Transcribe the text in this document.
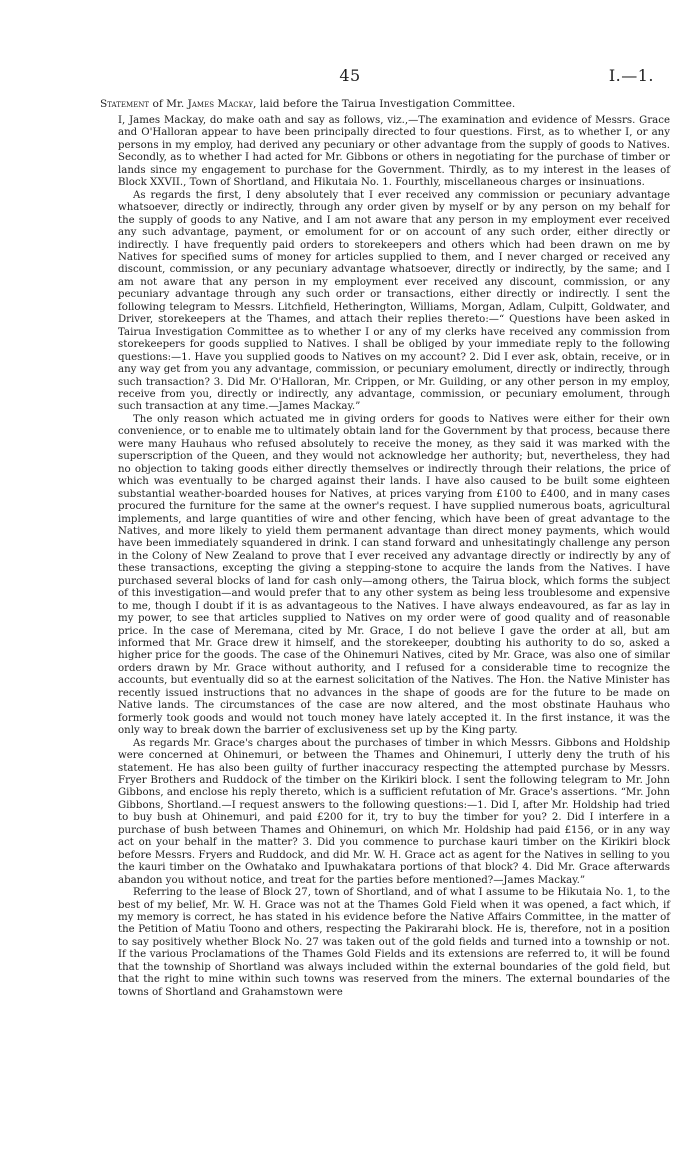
45	I.—1.
Statement of Mr. James Mackay, laid before the Tairua Investigation Committee.

I, James Mackay, do make oath and say as follows, viz.,—The examination and evidence of Messrs. Grace and O'Halloran appear to have been principally directed to four questions. First, as to whether I, or any persons in my employ, had derived any pecuniary or other advantage from the supply of goods to Natives. Secondly, as to whether I had acted for Mr. Gibbons or others in negotiating for the purchase of timber or lands since my engagement to purchase for the Government. Thirdly, as to my interest in the leases of Block XXVII., Town of Shortland, and Hikutaia No. 1. Fourthly, miscellaneous charges or insinuations.

As regards the first, I deny absolutely that I ever received any commission or pecuniary advantage whatsoever, directly or indirectly, through any order given by myself or by any person on my behalf for the supply of goods to any Native, and I am not aware that any person in my employment ever received any such advantage, payment, or emolument for or on account of any such order, either directly or indirectly. I have frequently paid orders to storekeepers and others which had been drawn on me by Natives for specified sums of money for articles supplied to them, and I never charged or received any discount, commission, or any pecuniary advantage whatsoever, directly or indirectly, by the same; and I am not aware that any person in my employment ever received any discount, commission, or any pecuniary advantage through any such order or transactions, either directly or indirectly. I sent the following telegram to Messrs. Litchfield, Hetherington, Williams, Morgan, Adlam, Culpitt, Goldwater, and Driver, storekeepers at the Thames, and attach their replies thereto:—“ Questions have been asked in Tairua Investigation Committee as to whether I or any of my clerks have received any commission from storekeepers for goods supplied to Natives. I shall be obliged by your immediate reply to the following questions:—1. Have you supplied goods to Natives on my account? 2. Did I ever ask, obtain, receive, or in any way get from you any advantage, commission, or pecuniary emolument, directly or indirectly, through such transaction? 3. Did Mr. O'Halloran, Mr. Crippen, or Mr. Guilding, or any other person in my employ, receive from you, directly or indirectly, any advantage, commission, or pecuniary emolument, through such transaction at any time.—James Mackay.”

The only reason which actuated me in giving orders for goods to Natives were either for their own convenience, or to enable me to ultimately obtain land for the Government by that process, because there were many Hauhaus who refused absolutely to receive the money, as they said it was marked with the superscription of the Queen, and they would not acknowledge her authority; but, nevertheless, they had no objection to taking goods either directly themselves or indirectly through their relations, the price of which was eventually to be charged against their lands. I have also caused to be built some eighteen substantial weather-boarded houses for Natives, at prices varying from £100 to £400, and in many cases procured the furniture for the same at the owner's request. I have supplied numerous boats, agricultural implements, and large quantities of wire and other fencing, which have been of great advantage to the Natives, and more likely to yield them permanent advantage than direct money payments, which would have been immediately squandered in drink. I can stand forward and unhesitatingly challenge any person in the Colony of New Zealand to prove that I ever received any advantage directly or indirectly by any of these transactions, excepting the giving a stepping-stone to acquire the lands from the Natives. I have purchased several blocks of land for cash only—among others, the Tairua block, which forms the subject of this investigation—and would prefer that to any other system as being less troublesome and expensive to me, though I doubt if it is as advantageous to the Natives. I have always endeavoured, as far as lay in my power, to see that articles supplied to Natives on my order were of good quality and of reasonable price. In the case of Meremana, cited by Mr. Grace, I do not believe I gave the order at all, but am informed that Mr. Grace drew it himself, and the storekeeper, doubting his authority to do so, asked a higher price for the goods. The case of the Ohinemuri Natives, cited by Mr. Grace, was also one of similar orders drawn by Mr. Grace without authority, and I refused for a considerable time to recognize the accounts, but eventually did so at the earnest solicitation of the Natives. The Hon. the Native Minister has recently issued instructions that no advances in the shape of goods are for the future to be made on Native lands. The circumstances of the case are now altered, and the most obstinate Hauhaus who formerly took goods and would not touch money have lately accepted it. In the first instance, it was the only way to break down the barrier of exclusiveness set up by the King party.

As regards Mr. Grace's charges about the purchases of timber in which Messrs. Gibbons and Holdship were concerned at Ohinemuri, or between the Thames and Ohinemuri, I utterly deny the truth of his statement. He has also been guilty of further inaccuracy respecting the attempted purchase by Messrs. Fryer Brothers and Ruddock of the timber on the Kirikiri block. I sent the following telegram to Mr. John Gibbons, and enclose his reply thereto, which is a sufficient refutation of Mr. Grace's assertions. “Mr. John Gibbons, Shortland.—I request answers to the following questions:—1. Did I, after Mr. Holdship had tried to buy bush at Ohinemuri, and paid £200 for it, try to buy the timber for you? 2. Did I interfere in a purchase of bush between Thames and Ohinemuri, on which Mr. Holdship had paid £156, or in any way act on your behalf in the matter? 3. Did you commence to purchase kauri timber on the Kirikiri block before Messrs. Fryers and Ruddock, and did Mr. W. H. Grace act as agent for the Natives in selling to you the kauri timber on the Owhatako and Ipuwhakatara portions of that block? 4. Did Mr. Grace afterwards abandon you without notice, and treat for the parties before mentioned?—James Mackay.”

Referring to the lease of Block 27, town of Shortland, and of what I assume to be Hikutaia No. 1, to the best of my belief, Mr. W. H. Grace was not at the Thames Gold Field when it was opened, a fact which, if my memory is correct, he has stated in his evidence before the Native Affairs Committee, in the matter of the Petition of Matiu Toono and others, respecting the Pakirarahi block. He is, therefore, not in a position to say positively whether Block No. 27 was taken out of the gold fields and turned into a township or not. If the various Proclamations of the Thames Gold Fields and its extensions are referred to, it will be found that the township of Shortland was always included within the external boundaries of the gold field, but that the right to mine within such towns was reserved from the miners. The external boundaries of the towns of Shortland and Grahamstown were
